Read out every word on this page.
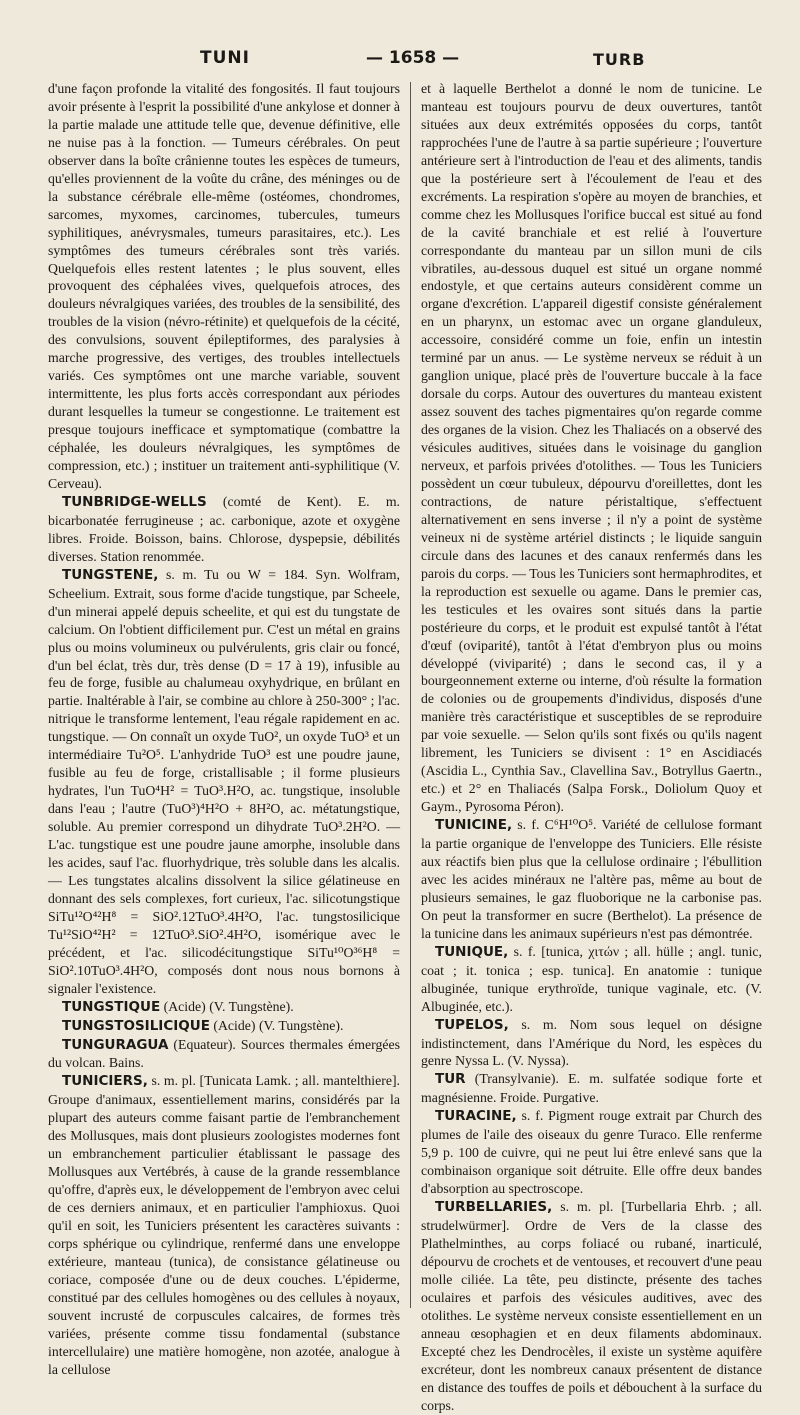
TUNI	— 1658 —	TURB

d'une façon profonde la vitalité des fongosités. Il faut toujours avoir présente à l'esprit la possibilité d'une ankylose et donner à la partie malade une attitude telle que, devenue définitive, elle ne nuise pas à la fonction. — Tumeurs cérébrales. On peut observer dans la boîte crânienne toutes les espèces de tumeurs, qu'elles proviennent de la voûte du crâne, des méninges ou de la substance cérébrale elle-même (ostéomes, chondromes, sarcomes, myxomes, carcinomes, tubercules, tumeurs syphilitiques, anévrysmales, tumeurs parasitaires, etc.). Les symptômes des tumeurs cérébrales sont très variés. Quelquefois elles restent latentes ; le plus souvent, elles provoquent des céphalées vives, quelquefois atroces, des douleurs névralgiques variées, des troubles de la sensibilité, des troubles de la vision (névro-rétinite) et quelquefois de la cécité, des convulsions, souvent épileptiformes, des paralysies à marche progressive, des vertiges, des troubles intellectuels variés. Ces symptômes ont une marche variable, souvent intermittente, les plus forts accès correspondant aux périodes durant lesquelles la tumeur se congestionne. Le traitement est presque toujours inefficace et symptomatique (combattre la céphalée, les douleurs névralgiques, les symptômes de compression, etc.) ; instituer un traitement anti-syphilitique (V. Cerveau).

TUNBRIDGE-WELLS (comté de Kent). E. m. bicarbonatée ferrugineuse ; ac. carbonique, azote et oxygène libres. Froide. Boisson, bains. Chlorose, dyspepsie, débilités diverses. Station renommée.

TUNGSTENE, s. m. Tu ou W = 184. Syn. Wolfram, Scheelium. Extrait, sous forme d'acide tungstique, par Scheele, d'un minerai appelé depuis scheelite, et qui est du tungstate de calcium. On l'obtient difficilement pur. C'est un métal en grains plus ou moins volumineux ou pulvérulents, gris clair ou foncé, d'un bel éclat, très dur, très dense (D = 17 à 19), infusible au feu de forge, fusible au chalumeau oxyhydrique, en brûlant en partie. Inaltérable à l'air, se combine au chlore à 250-300° ; l'ac. nitrique le transforme lentement, l'eau régale rapidement en ac. tungstique. — On connaît un oxyde TuO², un oxyde TuO³ et un intermédiaire Tu²O⁵. L'anhydride TuO³ est une poudre jaune, fusible au feu de forge, cristallisable ; il forme plusieurs hydrates, l'un TuO⁴H² = TuO³.H²O, ac. tungstique, insoluble dans l'eau ; l'autre (TuO³)⁴H²O + 8H²O, ac. métatungstique, soluble. Au premier correspond un dihydrate TuO³.2H²O. — L'ac. tungstique est une poudre jaune amorphe, insoluble dans les acides, sauf l'ac. fluorhydrique, très soluble dans les alcalis. — Les tungstates alcalins dissolvent la silice gélatineuse en donnant des sels complexes, fort curieux, l'ac. silicotungstique SiTu¹²O⁴²H⁸ = SiO².12TuO³.4H²O, l'ac. tungstosilicique Tu¹²SiO⁴²H² = 12TuO³.SiO².4H²O, isomérique avec le précédent, et l'ac. silicodécitungstique SiTu¹⁰O³⁶H⁸ = SiO².10TuO³.4H²O, composés dont nous nous bornons à signaler l'existence.

TUNGSTIQUE (Acide) (V. Tungstène).

TUNGSTOSILICIQUE (Acide) (V. Tungstène).

TUNGURAGUA (Equateur). Sources thermales émergées du volcan. Bains.

TUNICIERS, s. m. pl. [Tunicata Lamk. ; all. mantelthiere]. Groupe d'animaux, essentiellement marins, considérés par la plupart des auteurs comme faisant partie de l'embranchement des Mollusques, mais dont plusieurs zoologistes modernes font un embranchement particulier établissant le passage des Mollusques aux Vertébrés, à cause de la grande ressemblance qu'offre, d'après eux, le développement de l'embryon avec celui de ces derniers animaux, et en particulier l'amphioxus. Quoi qu'il en soit, les Tuniciers présentent les caractères suivants : corps sphérique ou cylindrique, renfermé dans une enveloppe extérieure, manteau (tunica), de consistance gélatineuse ou coriace, composée d'une ou de deux couches. L'épiderme, constitué par des cellules homogènes ou des cellules à noyaux, souvent incrusté de corpuscules calcaires, de formes très variées, présente comme tissu fondamental (substance intercellulaire) une matière homogène, non azotée, analogue à la cellulose

et à laquelle Berthelot a donné le nom de tunicine. Le manteau est toujours pourvu de deux ouvertures, tantôt situées aux deux extrémités opposées du corps, tantôt rapprochées l'une de l'autre à sa partie supérieure ; l'ouverture antérieure sert à l'introduction de l'eau et des aliments, tandis que la postérieure sert à l'écoulement de l'eau et des excréments. La respiration s'opère au moyen de branchies, et comme chez les Mollusques l'orifice buccal est situé au fond de la cavité branchiale et est relié à l'ouverture correspondante du manteau par un sillon muni de cils vibratiles, au-dessous duquel est situé un organe nommé endostyle, et que certains auteurs considèrent comme un organe d'excrétion. L'appareil digestif consiste généralement en un pharynx, un estomac avec un organe glanduleux, accessoire, considéré comme un foie, enfin un intestin terminé par un anus. — Le système nerveux se réduit à un ganglion unique, placé près de l'ouverture buccale à la face dorsale du corps. Autour des ouvertures du manteau existent assez souvent des taches pigmentaires qu'on regarde comme des organes de la vision. Chez les Thaliacés on a observé des vésicules auditives, situées dans le voisinage du ganglion nerveux, et parfois privées d'otolithes. — Tous les Tuniciers possèdent un cœur tubuleux, dépourvu d'oreillettes, dont les contractions, de nature péristaltique, s'effectuent alternativement en sens inverse ; il n'y a point de système veineux ni de système artériel distincts ; le liquide sanguin circule dans des lacunes et des canaux renfermés dans les parois du corps. — Tous les Tuniciers sont hermaphrodites, et la reproduction est sexuelle ou agame. Dans le premier cas, les testicules et les ovaires sont situés dans la partie postérieure du corps, et le produit est expulsé tantôt à l'état d'œuf (oviparité), tantôt à l'état d'embryon plus ou moins développé (viviparité) ; dans le second cas, il y a bourgeonnement externe ou interne, d'où résulte la formation de colonies ou de groupements d'individus, disposés d'une manière très caractéristique et susceptibles de se reproduire par voie sexuelle. — Selon qu'ils sont fixés ou qu'ils nagent librement, les Tuniciers se divisent : 1° en Ascidiacés (Ascidia L., Cynthia Sav., Clavellina Sav., Botryllus Gaertn., etc.) et 2° en Thaliacés (Salpa Forsk., Doliolum Quoy et Gaym., Pyrosoma Péron).

TUNICINE, s. f. C⁶H¹⁰O⁵. Variété de cellulose formant la partie organique de l'enveloppe des Tuniciers. Elle résiste aux réactifs bien plus que la cellulose ordinaire ; l'ébullition avec les acides minéraux ne l'altère pas, même au bout de plusieurs semaines, le gaz fluoborique ne la carbonise pas. On peut la transformer en sucre (Berthelot). La présence de la tunicine dans les animaux supérieurs n'est pas démontrée.

TUNIQUE, s. f. [tunica, χιτών ; all. hülle ; angl. tunic, coat ; it. tonica ; esp. tunica]. En anatomie : tunique albuginée, tunique erythroïde, tunique vaginale, etc. (V. Albuginée, etc.).

TUPELOS, s. m. Nom sous lequel on désigne indistinctement, dans l'Amérique du Nord, les espèces du genre Nyssa L. (V. Nyssa).

TUR (Transylvanie). E. m. sulfatée sodique forte et magnésienne. Froide. Purgative.

TURACINE, s. f. Pigment rouge extrait par Church des plumes de l'aile des oiseaux du genre Turaco. Elle renferme 5,9 p. 100 de cuivre, qui ne peut lui être enlevé sans que la combinaison organique soit détruite. Elle offre deux bandes d'absorption au spectroscope.

TURBELLARIES, s. m. pl. [Turbellaria Ehrb. ; all. strudelwürmer]. Ordre de Vers de la classe des Plathelminthes, au corps foliacé ou rubané, inarticulé, dépourvu de crochets et de ventouses, et recouvert d'une peau molle ciliée. La tête, peu distincte, présente des taches oculaires et parfois des vésicules auditives, avec des otolithes. Le système nerveux consiste essentiellement en un anneau œsophagien et en deux filaments abdominaux. Excepté chez les Dendrocèles, il existe un système aquifère excréteur, dont les nombreux canaux présentent de distance en distance des touffes de poils et débouchent à la surface du corps.
